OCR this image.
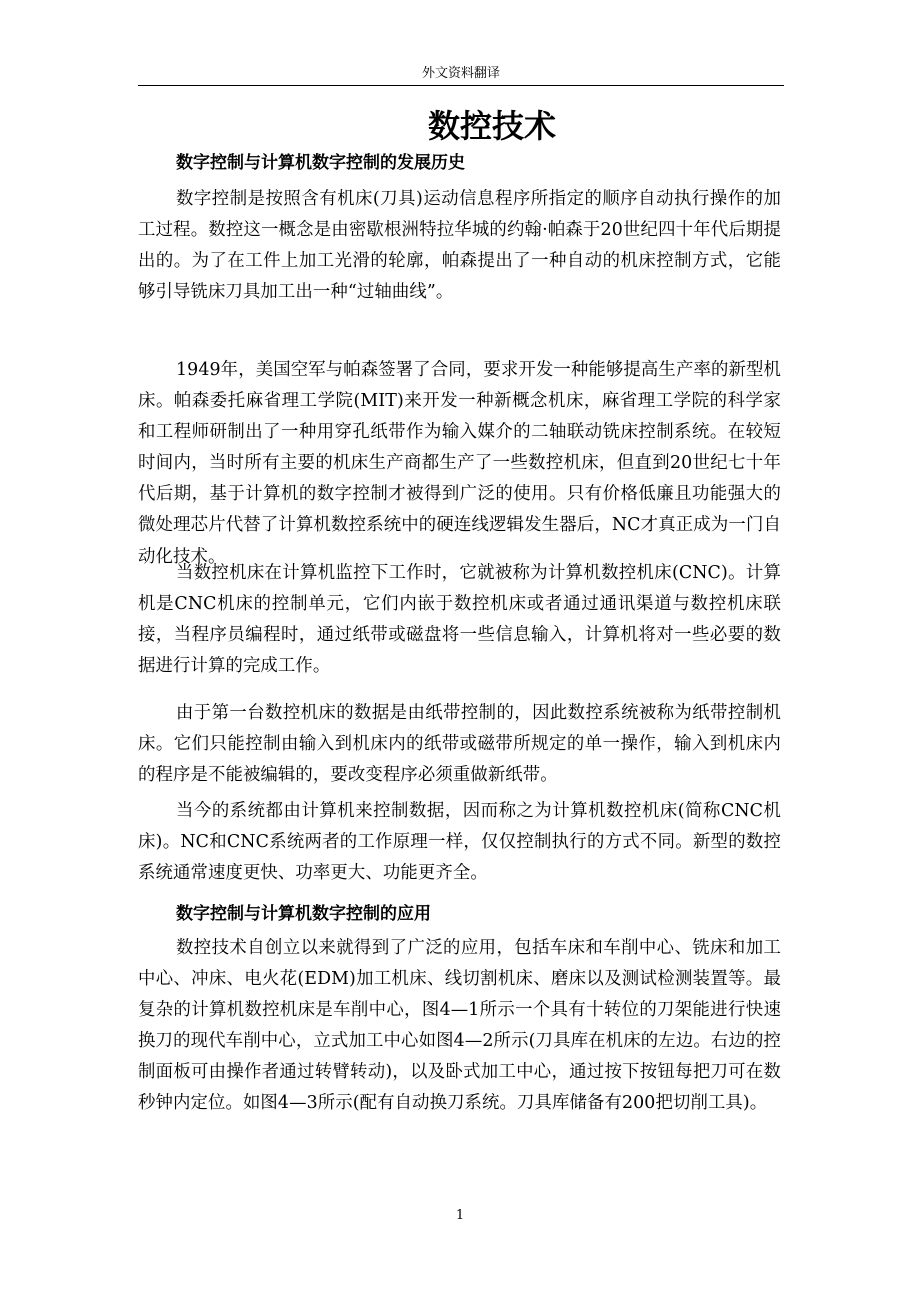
外文资料翻译
数控技术
数字控制与计算机数字控制的发展历史

数字控制是按照含有机床(刀具)运动信息程序所指定的顺序自动执行操作的加工过程。数控这一概念是由密歇根洲特拉华城的约翰·帕森于20世纪四十年代后期提出的。为了在工件上加工光滑的轮廓，帕森提出了一种自动的机床控制方式，它能够引导铣床刀具加工出一种“过轴曲线”。

1949年，美国空军与帕森签署了合同，要求开发一种能够提高生产率的新型机床。帕森委托麻省理工学院(MIT)来开发一种新概念机床，麻省理工学院的科学家和工程师研制出了一种用穿孔纸带作为输入媒介的二轴联动铣床控制系统。在较短时间内，当时所有主要的机床生产商都生产了一些数控机床，但直到20世纪七十年代后期，基于计算机的数字控制才被得到广泛的使用。只有价格低廉且功能强大的微处理芯片代替了计算机数控系统中的硬连线逻辑发生器后，NC才真正成为一门自动化技术。

当数控机床在计算机监控下工作时，它就被称为计算机数控机床(CNC)。计算机是CNC机床的控制单元，它们内嵌于数控机床或者通过通讯渠道与数控机床联接，当程序员编程时，通过纸带或磁盘将一些信息输入，计算机将对一些必要的数据进行计算的完成工作。

由于第一台数控机床的数据是由纸带控制的，因此数控系统被称为纸带控制机床。它们只能控制由输入到机床内的纸带或磁带所规定的单一操作，输入到机床内的程序是不能被编辑的，要改变程序必须重做新纸带。

当今的系统都由计算机来控制数据，因而称之为计算机数控机床(简称CNC机床)。NC和CNC系统两者的工作原理一样，仅仅控制执行的方式不同。新型的数控系统通常速度更快、功率更大、功能更齐全。

数字控制与计算机数字控制的应用

数控技术自创立以来就得到了广泛的应用，包括车床和车削中心、铣床和加工中心、冲床、电火花(EDM)加工机床、线切割机床、磨床以及测试检测装置等。最复杂的计算机数控机床是车削中心，图4—1所示一个具有十转位的刀架能进行快速换刀的现代车削中心，立式加工中心如图4—2所示(刀具库在机床的左边。右边的控制面板可由操作者通过转臂转动)，以及卧式加工中心，通过按下按钮每把刀可在数秒钟内定位。如图4—3所示(配有自动换刀系统。刀具库储备有200把切削工具)。

1
